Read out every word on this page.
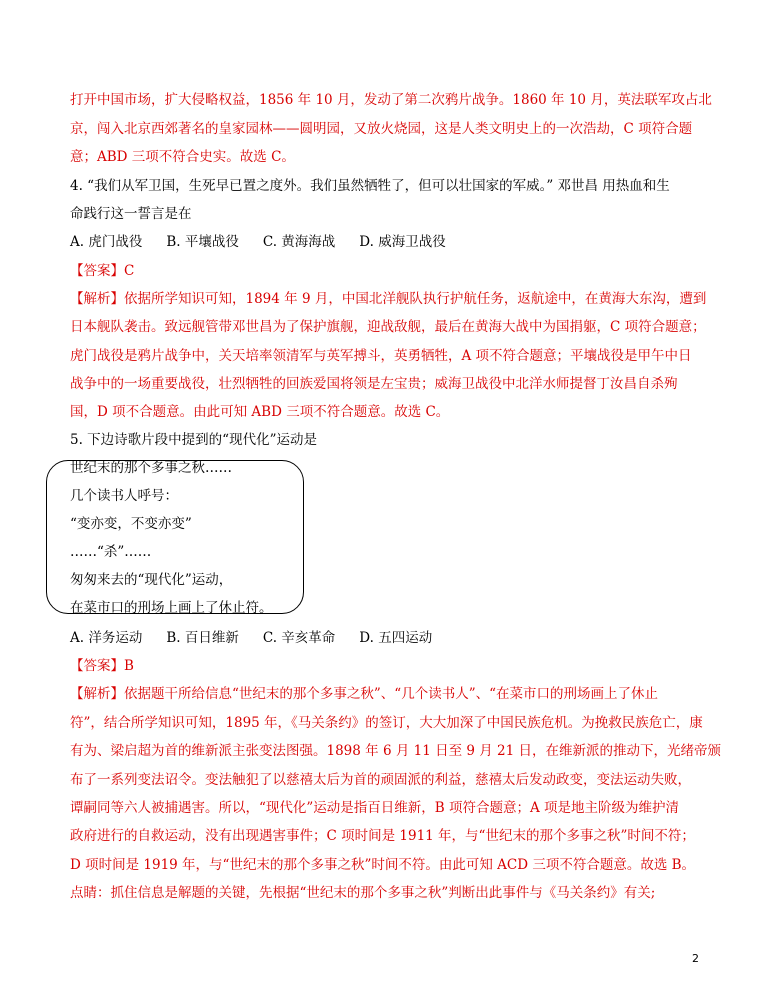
打开中国市场，扩大侵略权益，1856 年 10 月，发动了第二次鸦片战争。1860 年 10 月，英法联军攻占北
京，闯入北京西郊著名的皇家园林——圆明园，又放火烧园，这是人类文明史上的一次浩劫，C 项符合题
意；ABD 三项不符合史实。故选 C。
4. “我们从军卫国，生死早已置之度外。我们虽然牺牲了，但可以壮国家的军威。” 邓世昌 用热血和生
命践行这一誓言是在
A. 虎门战役 B. 平壤战役 C. 黄海海战 D. 威海卫战役
【答案】C
【解析】依据所学知识可知，1894 年 9 月，中国北洋舰队执行护航任务，返航途中，在黄海大东沟，遭到
日本舰队袭击。致远舰管带邓世昌为了保护旗舰，迎战敌舰，最后在黄海大战中为国捐躯，C 项符合题意；
虎门战役是鸦片战争中，关天培率领清军与英军搏斗，英勇牺牲，A 项不符合题意；平壤战役是甲午中日
战争中的一场重要战役，壮烈牺牲的回族爱国将领是左宝贵；威海卫战役中北洋水师提督丁汝昌自杀殉
国，D 项不合题意。由此可知 ABD 三项不符合题意。故选 C。
5. 下边诗歌片段中提到的“现代化”运动是
世纪末的那个多事之秋……
几个读书人呼号：
“变亦变，不变亦变”
……“杀”……
匆匆来去的“现代化”运动，
在菜市口的刑场上画上了休止符。
A. 洋务运动 B. 百日维新 C. 辛亥革命 D. 五四运动
【答案】B
【解析】依据题干所给信息“世纪末的那个多事之秋”、“几个读书人”、“在菜市口的刑场画上了休止
符”，结合所学知识可知，1895 年，《马关条约》的签订，大大加深了中国民族危机。为挽救民族危亡，康
有为、梁启超为首的维新派主张变法图强。1898 年 6 月 11 日至 9 月 21 日，在维新派的推动下，光绪帝颁
布了一系列变法诏令。变法触犯了以慈禧太后为首的顽固派的利益，慈禧太后发动政变，变法运动失败，
谭嗣同等六人被捕遇害。所以，“现代化”运动是指百日维新，B 项符合题意；A 项是地主阶级为维护清
政府进行的自救运动，没有出现遇害事件；C 项时间是 1911 年，与“世纪末的那个多事之秋”时间不符；
D 项时间是 1919 年，与“世纪末的那个多事之秋”时间不符。由此可知 ACD 三项不符合题意。故选 B。
点睛：抓住信息是解题的关键，先根据“世纪末的那个多事之秋”判断出此事件与《马关条约》有关;
2
